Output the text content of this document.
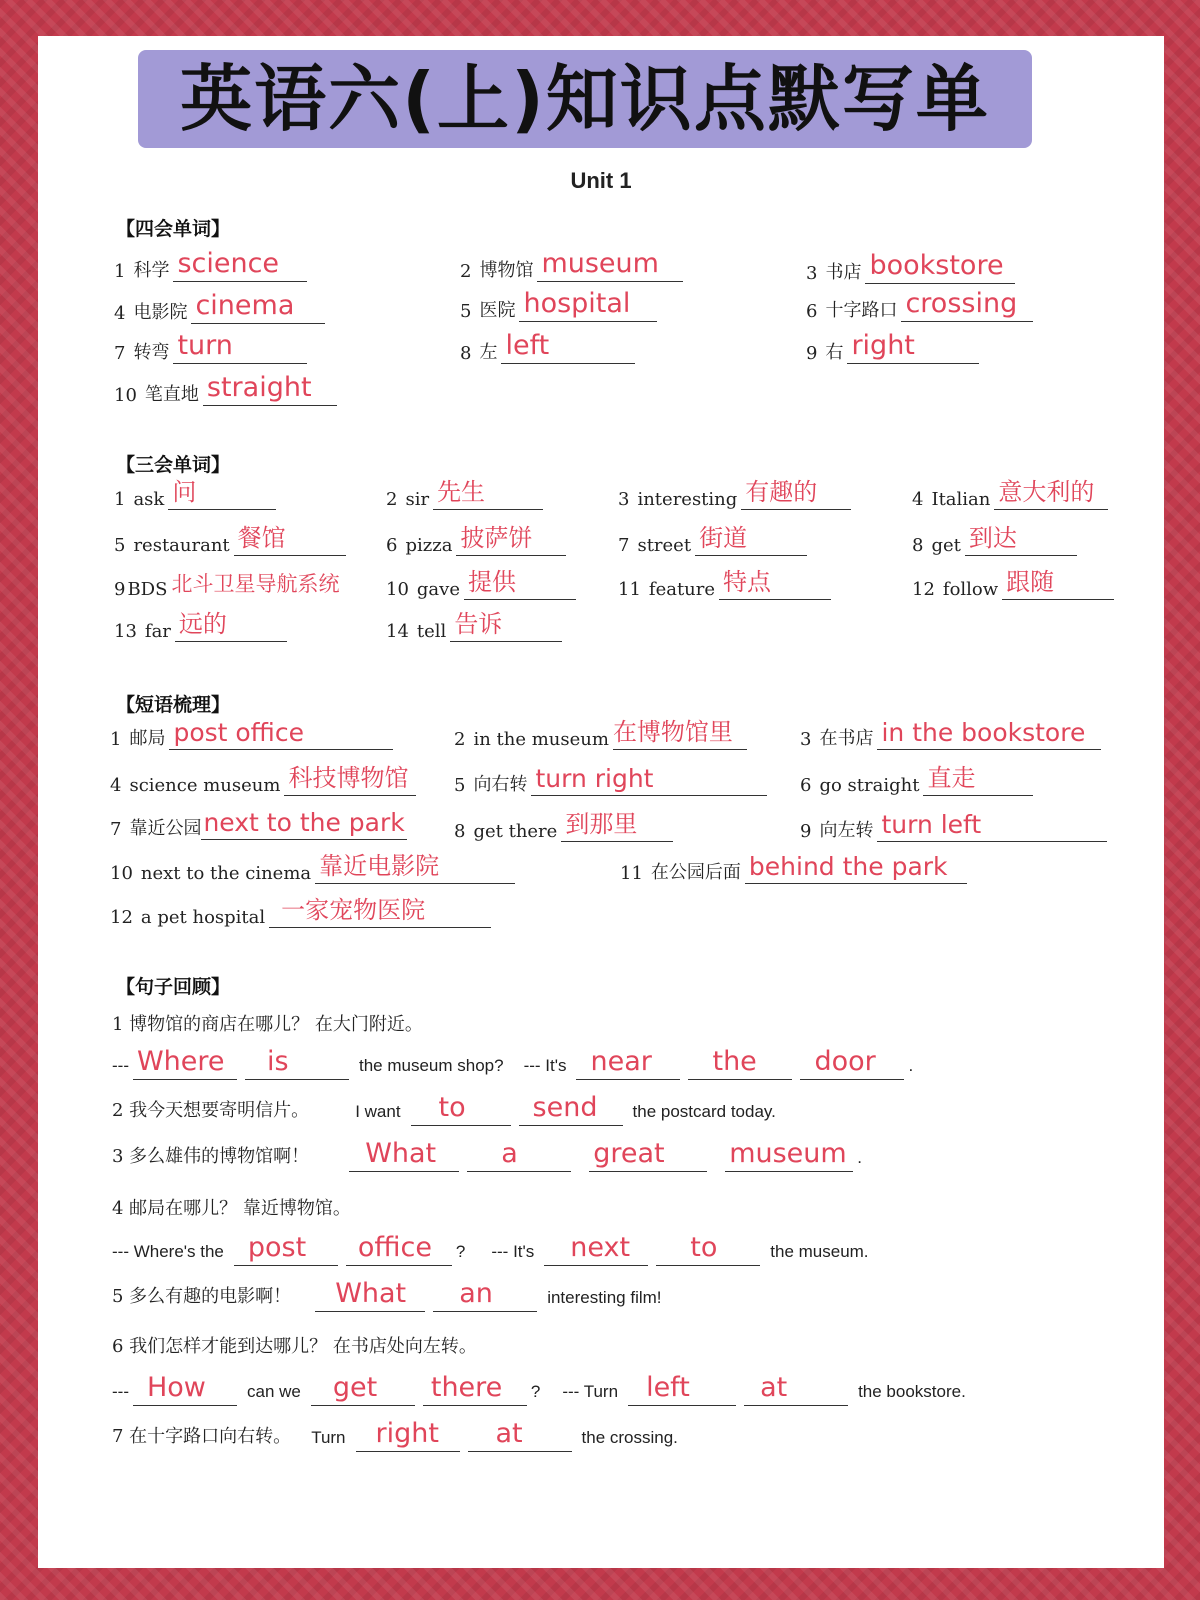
英语六(上)知识点默写单
Unit 1
【四会单词】
1 科学 science	2 博物馆 museum	3 书店 bookstore
4 电影院 cinema	5 医院 hospital	6 十字路口 crossing
7 转弯 turn	8 左 left	9 右 right
10 笔直地 straight
【三会单词】
1 ask 问	2 sir 先生	3 interesting 有趣的	4 Italian 意大利的
5 restaurant 餐馆	6 pizza 披萨饼	7 street 街道	8 get 到达
9 BDS 北斗卫星导航系统	10 gave 提供	11 feature 特点	12 follow 跟随
13 far 远的	14 tell 告诉
【短语梳理】
1 邮局 post office	2 in the museum 在博物馆里	3 在书店 in the bookstore
4 science museum 科技博物馆	5 向右转 turn right	6 go straight 直走
7 靠近公园 next to the park	8 get there 到那里	9 向左转 turn left
10 next to the cinema 靠近电影院	11 在公园后面 behind the park
12 a pet hospital 一家宠物医院
【句子回顾】
1 博物馆的商店在哪儿？ 在大门附近。
--- Where is	the museum shop? --- It's near the door .
2 我今天想要寄明信片。	I want to send the postcard today.
3 多么雄伟的博物馆啊！ What a	great museum .
4 邮局在哪儿？ 靠近博物馆。
--- Where's the post office ? --- It's next to	the museum.
5 多么有趣的电影啊！ What an	interesting film!
6 我们怎样才能到达哪儿？ 在书店处向左转。
--- How can we get there ? --- Turn left	at	the bookstore.
7 在十字路口向右转。 Turn right at	the crossing.
